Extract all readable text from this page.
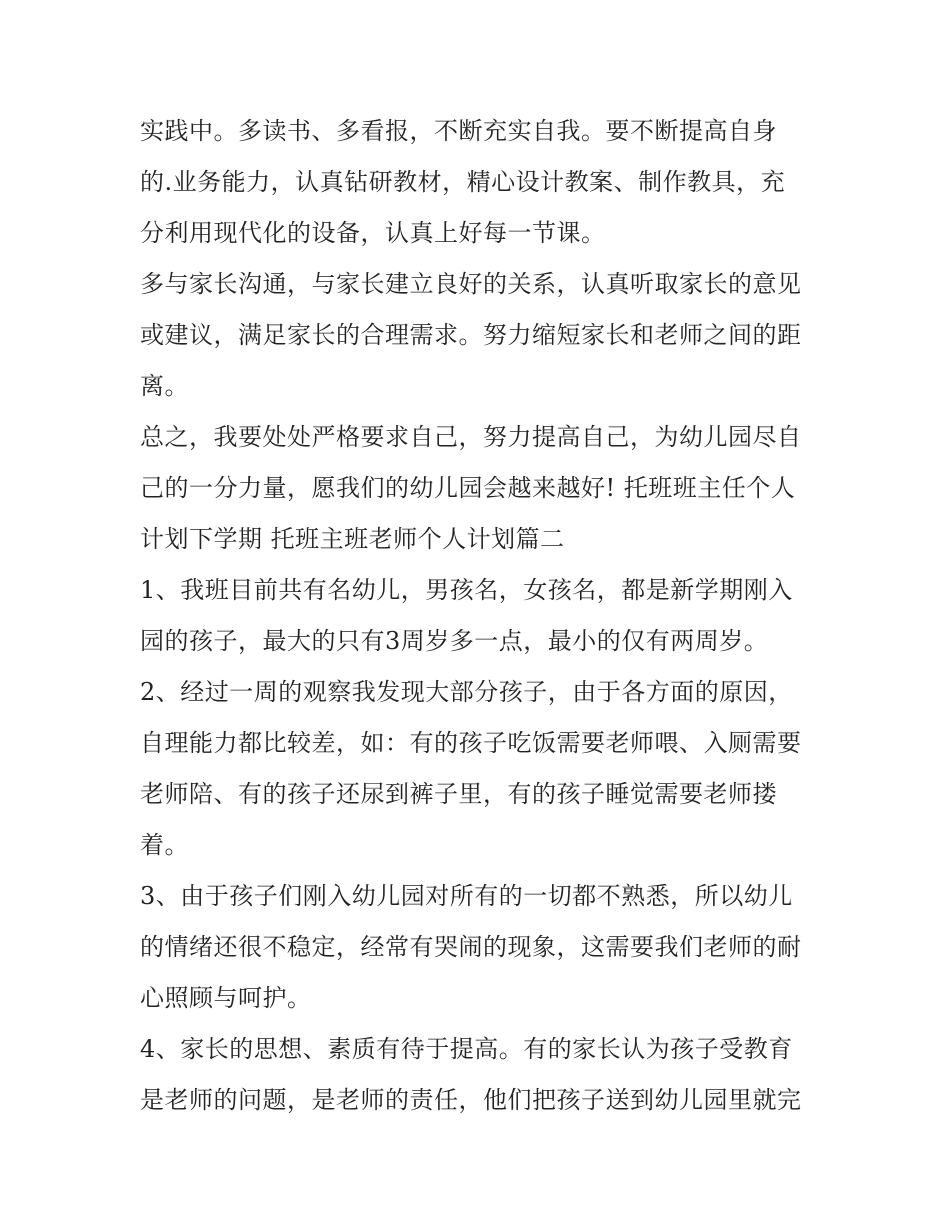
实践中。多读书、多看报，不断充实自我。要不断提高自身
的.业务能力，认真钻研教材，精心设计教案、制作教具，充
分利用现代化的设备，认真上好每一节课。

多与家长沟通，与家长建立良好的关系，认真听取家长的意见
或建议，满足家长的合理需求。努力缩短家长和老师之间的距
离。

总之，我要处处严格要求自己，努力提高自己，为幼儿园尽自
己的一分力量，愿我们的幼儿园会越来越好! 托班班主任个人
计划下学期 托班主班老师个人计划篇二

1、我班目前共有名幼儿，男孩名，女孩名，都是新学期刚入
园的孩子，最大的只有3周岁多一点，最小的仅有两周岁。

2、经过一周的观察我发现大部分孩子，由于各方面的原因，
自理能力都比较差，如：有的孩子吃饭需要老师喂、入厕需要
老师陪、有的孩子还尿到裤子里，有的孩子睡觉需要老师搂
着。

3、由于孩子们刚入幼儿园对所有的一切都不熟悉，所以幼儿
的情绪还很不稳定，经常有哭闹的现象，这需要我们老师的耐
心照顾与呵护。

4、家长的思想、素质有待于提高。有的家长认为孩子受教育
是老师的问题，是老师的责任，他们把孩子送到幼儿园里就完
